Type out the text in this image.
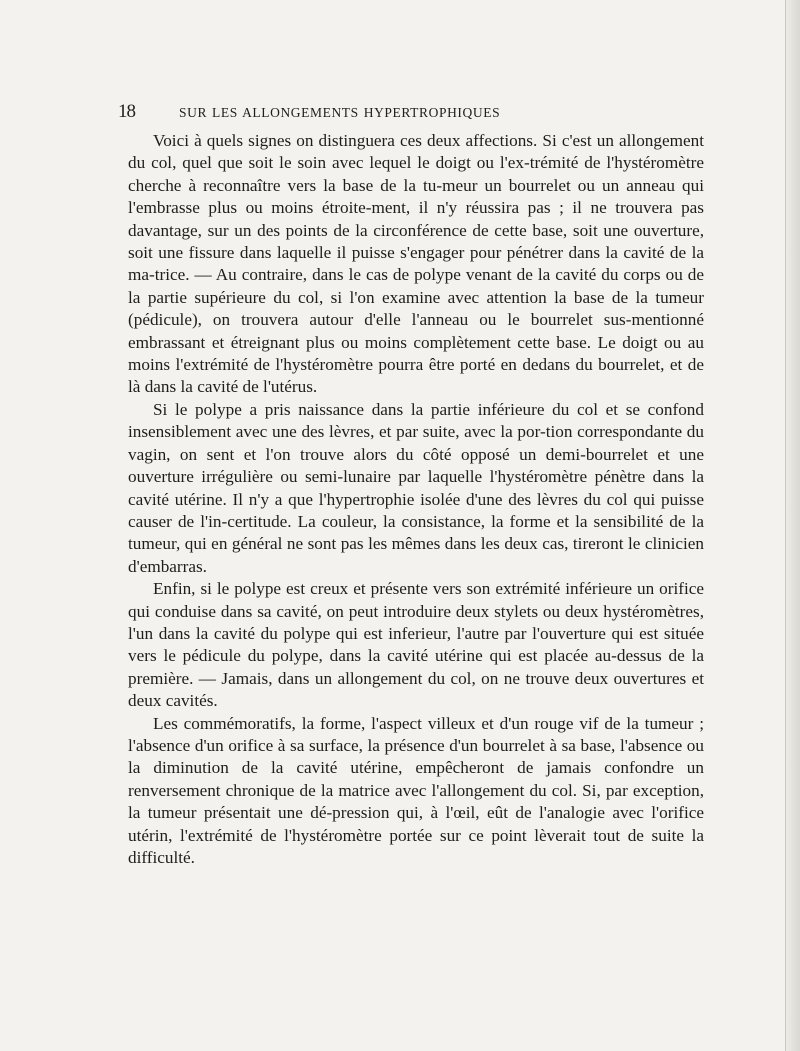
18	SUR LES ALLONGEMENTS HYPERTROPHIQUES

Voici à quels signes on distinguera ces deux affections. Si c'est un allongement du col, quel que soit le soin avec lequel le doigt ou l'ex-trémité de l'hystéromètre cherche à reconnaître vers la base de la tu-meur un bourrelet ou un anneau qui l'embrasse plus ou moins étroite-ment, il n'y réussira pas ; il ne trouvera pas davantage, sur un des points de la circonférence de cette base, soit une ouverture, soit une fissure dans laquelle il puisse s'engager pour pénétrer dans la cavité de la ma-trice. — Au contraire, dans le cas de polype venant de la cavité du corps ou de la partie supérieure du col, si l'on examine avec attention la base de la tumeur (pédicule), on trouvera autour d'elle l'anneau ou le bourrelet sus-mentionné embrassant et étreignant plus ou moins complètement cette base. Le doigt ou au moins l'extrémité de l'hystéromètre pourra être porté en dedans du bourrelet, et de là dans la cavité de l'utérus.

Si le polype a pris naissance dans la partie inférieure du col et se confond insensiblement avec une des lèvres, et par suite, avec la por-tion correspondante du vagin, on sent et l'on trouve alors du côté opposé un demi-bourrelet et une ouverture irrégulière ou semi-lunaire par laquelle l'hystéromètre pénètre dans la cavité utérine. Il n'y a que l'hypertrophie isolée d'une des lèvres du col qui puisse causer de l'in-certitude. La couleur, la consistance, la forme et la sensibilité de la tumeur, qui en général ne sont pas les mêmes dans les deux cas, tireront le clinicien d'embarras.

Enfin, si le polype est creux et présente vers son extrémité inférieure un orifice qui conduise dans sa cavité, on peut introduire deux stylets ou deux hystéromètres, l'un dans la cavité du polype qui est inferieur, l'autre par l'ouverture qui est située vers le pédicule du polype, dans la cavité utérine qui est placée au-dessus de la première. — Jamais, dans un allongement du col, on ne trouve deux ouvertures et deux cavités.

Les commémoratifs, la forme, l'aspect villeux et d'un rouge vif de la tumeur ; l'absence d'un orifice à sa surface, la présence d'un bourrelet à sa base, l'absence ou la diminution de la cavité utérine, empêcheront de jamais confondre un renversement chronique de la matrice avec l'allongement du col. Si, par exception, la tumeur présentait une dé-pression qui, à l'œil, eût de l'analogie avec l'orifice utérin, l'extrémité de l'hystéromètre portée sur ce point lèverait tout de suite la difficulté.
